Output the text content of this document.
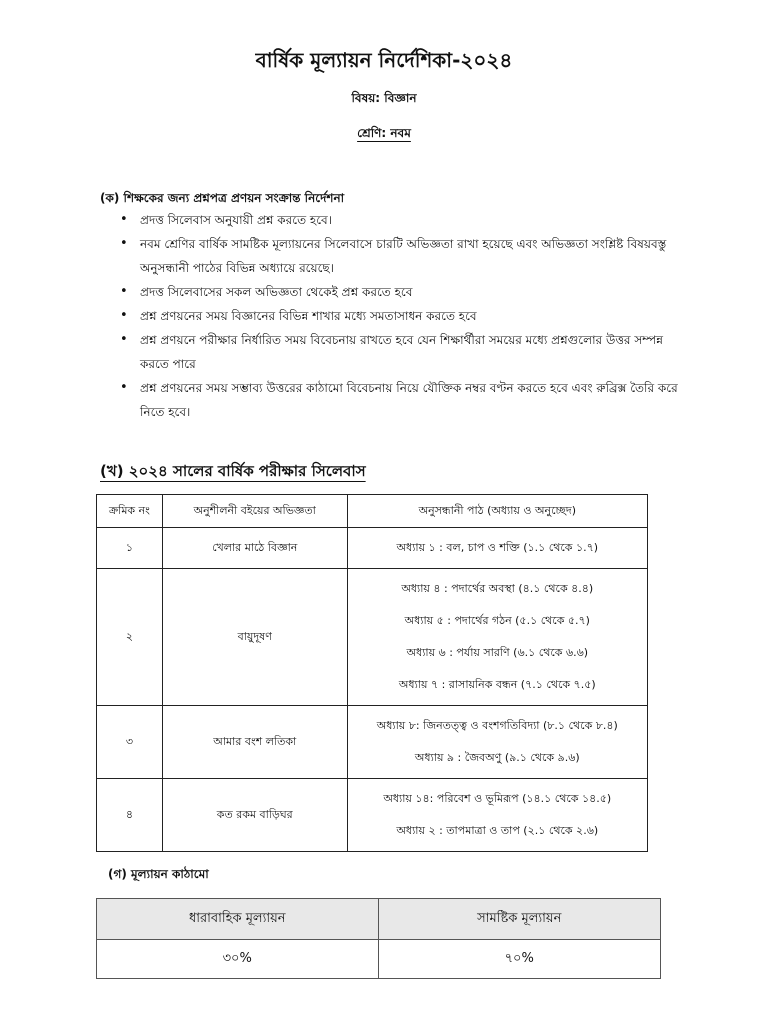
বার্ষিক মূল্যায়ন নির্দেশিকা-২০২৪
বিষয়: বিজ্ঞান
শ্রেণি: নবম
(ক) শিক্ষকের জন্য প্রশ্নপত্র প্রণয়ন সংক্রান্ত নির্দেশনা
• প্রদত্ত সিলেবাস অনুযায়ী প্রশ্ন করতে হবে।
• নবম শ্রেণির বার্ষিক সামষ্টিক মূল্যায়নের সিলেবাসে চারটি অভিজ্ঞতা রাখা হয়েছে এবং অভিজ্ঞতা সংশ্লিষ্ট বিষয়বস্তু অনুসন্ধানী পাঠের বিভিন্ন অধ্যায়ে রয়েছে।
• প্রদত্ত সিলেবাসের সকল অভিজ্ঞতা থেকেই প্রশ্ন করতে হবে
• প্রশ্ন প্রণয়নের সময় বিজ্ঞানের বিভিন্ন শাখার মধ্যে সমতাসাধন করতে হবে
• প্রশ্ন প্রণয়নে পরীক্ষার নির্ধারিত সময় বিবেচনায় রাখতে হবে যেন শিক্ষার্থীরা সময়ের মধ্যে প্রশ্নগুলোর উত্তর সম্পন্ন করতে পারে
• প্রশ্ন প্রণয়নের সময় সম্ভাব্য উত্তরের কাঠামো বিবেচনায় নিয়ে যৌক্তিক নম্বর বণ্টন করতে হবে এবং রুব্রিক্স তৈরি করে নিতে হবে।
(খ) ২০২৪ সালের বার্ষিক পরীক্ষার সিলেবাস
ক্রমিক নং	অনুশীলনী বইয়ের অভিজ্ঞতা	অনুসন্ধানী পাঠ (অধ্যায় ও অনুচ্ছেদ)
১	খেলার মাঠে বিজ্ঞান	অধ্যায় ১ : বল, চাপ ও শক্তি (১.১ থেকে ১.৭)

২	বায়ুদূষণ	অধ্যায় ৪ : পদার্থের অবস্থা (৪.১ থেকে ৪.৪)
অধ্যায় ৫ : পদার্থের গঠন (৫.১ থেকে ৫.৭)
অধ্যায় ৬ : পর্যায় সারণি (৬.১ থেকে ৬.৬)
অধ্যায় ৭ : রাসায়নিক বন্ধন (৭.১ থেকে ৭.৫)

৩	আমার বংশ লতিকা	অধ্যায় ৮: জিনতত্ত্ব ও বংশগতিবিদ্যা (৮.১ থেকে ৮.৪)
অধ্যায় ৯ : জৈবঅণু (৯.১ থেকে ৯.৬)

৪	কত রকম বাড়িঘর	অধ্যায় ১৪: পরিবেশ ও ভূমিরূপ (১৪.১ থেকে ১৪.৫)
অধ্যায় ২ : তাপমাত্রা ও তাপ (২.১ থেকে ২.৬)
(গ) মূল্যায়ন কাঠামো
ধারাবাহিক মূল্যায়ন	সামষ্টিক মূল্যায়ন
৩০%	৭০%
